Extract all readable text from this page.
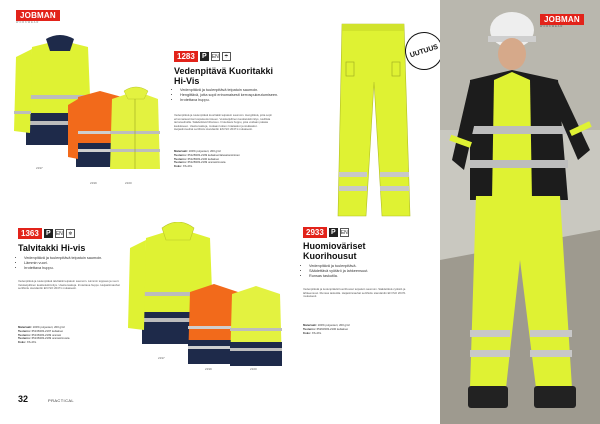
JOBMAN
WORKWEAR
2197
2199	2100
1283	P	EN	☂
Vedenpitävä Kuoritakki
Hi-Vis
• Vedenpitävä ja tuulenpitävä teipatuin saumoin.
• Hengittävä, jotta sopii erinomaisesti kerrospukeutumiseen.
• Irrotettava huppu.
Vedenpitävä ja tuulenpitävä kuoritakki teipatuin saumoin. Hengittävä, jotta sopii erinomaisesti kerrospukeutumiseen. Vetoketjullinen keskietukiinnitys, tuulilista tarranauhoilla. Säädettävä hihansuu. Irrotettava huppu, joka voidaan pakata kaulukseen. Useita taskuja, mukaan lukien rintataskut ja sisätaskut. Heijastinnauhat sertifioitu standardin EN ISO 20471 mukaisesti.
Materiaali: 100% polyesteri, 200 g/m²
Tuotenro: 65128303-2199 keltainen/laivastonsininen
Tuotenro: 65128303-2100 keltainen
Tuotenro: 65128303-2199 oranssi/musta
Koko: XS-4XL
1363	P	EN	❄
Talvitakki Hi-vis
• Vedenpitävä ja tuulenpitävä teipatuin saumoin.
• Lämmin vuori.
• Irrotettava huppu.
Vedenpitävä ja tuulenpitävä talvitakki teipatuin saumoin. Lämmin toppaus ja vuori. Vetoketjullinen keskietukiinnitys. Useita taskuja. Irrotettava huppu. Heijastinnauhat sertifioitu standardin EN ISO 20471 mukaisesti.
Materiaali: 100% polyesteri, 200 g/m²
Tuotenro: 65136303-2197 keltainen
Tuotenro: 65136303-2199 oranssi
Tuotenro: 65136303-2199 oranssi/musta
Koko: XS-4XL
2197
2199	2100
32	PRACTICAL
UUTUUS
2933	P	EN
Huomioväriset
Kuorihousut
• Vedenpitävä ja tuulenpitävä.
• Säädettävä vyötärö ja lahkeensuut.
• Runsas taskutila.
Vedenpitävät ja tuulenpitävät kuorihousut teipatuin saumoin. Säädettävä vyötärö ja lahkeensuut. Runsas taskutila. Heijastinnauhat sertifioitu standardin EN ISO 20471 mukaisesti.
Materiaali: 100% polyesteri, 200 g/m²
Tuotenro: 65293303-2100 keltainen
Koko: XS-4XL
JOBMAN
WORKWEAR
